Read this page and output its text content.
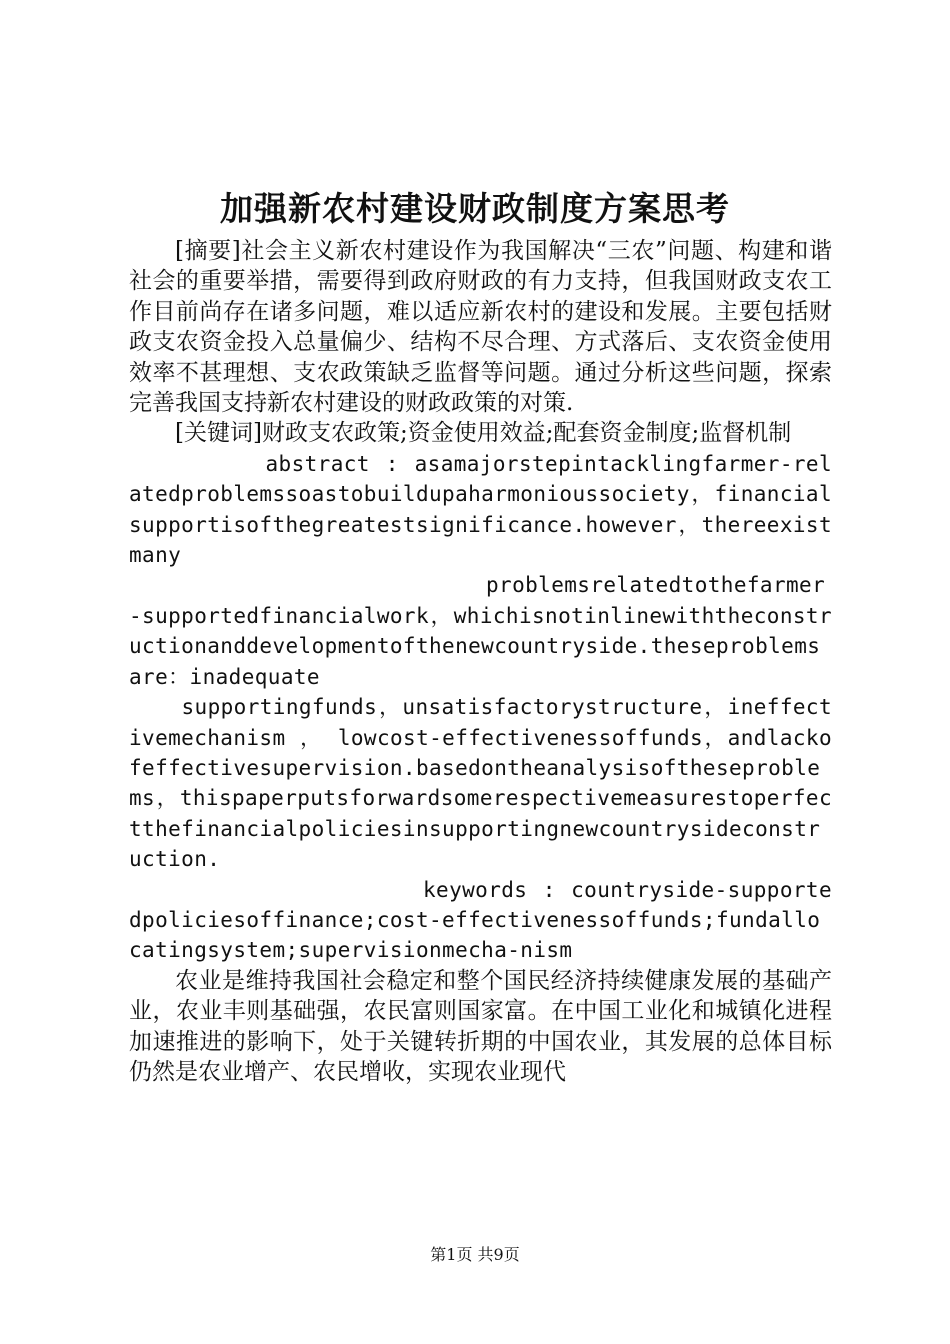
加强新农村建设财政制度方案思考

[摘要]社会主义新农村建设作为我国解决“三农”问题、构建和谐社会的重要举措，需要得到政府财政的有力支持，但我国财政支农工作目前尚存在诸多问题，难以适应新农村的建设和发展。主要包括财政支农资金投入总量偏少、结构不尽合理、方式落后、支农资金使用效率不甚理想、支农政策缺乏监督等问题。通过分析这些问题，探索完善我国支持新农村建设的财政政策的对策.

[关键词]财政支农政策;资金使用效益;配套资金制度;监督机制

abstract : asamajorstepintacklingfarmer-relatedproblemssoastobuildupaharmonioussociety，financialsupportisofthegreatestsignificance.however，thereexistmany

problemsrelatedtothefarmer-supportedfinancialwork，whichisnotinlinewiththeconstructionanddevelopmentofthenewcountryside.theseproblemsare：inadequate

supportingfunds，unsatisfactorystructure，ineffectivemechanism ， lowcost-effectivenessoffunds，andlackofeffectivesupervision.basedontheanalysisoftheseproblems，thispaperputsforwardsomerespectivemeasurestoperfectthefinancialpoliciesinsupportingnewcountrysideconstruction.

keywords : countryside-supportedpoliciesoffinance;cost-effectivenessoffunds;fundallocatingsystem;supervisionmecha-nism

农业是维持我国社会稳定和整个国民经济持续健康发展的基础产业，农业丰则基础强，农民富则国家富。在中国工业化和城镇化进程加速推进的影响下，处于关键转折期的中国农业，其发展的总体目标仍然是农业增产、农民增收，实现农业现代

第1页 共9页
